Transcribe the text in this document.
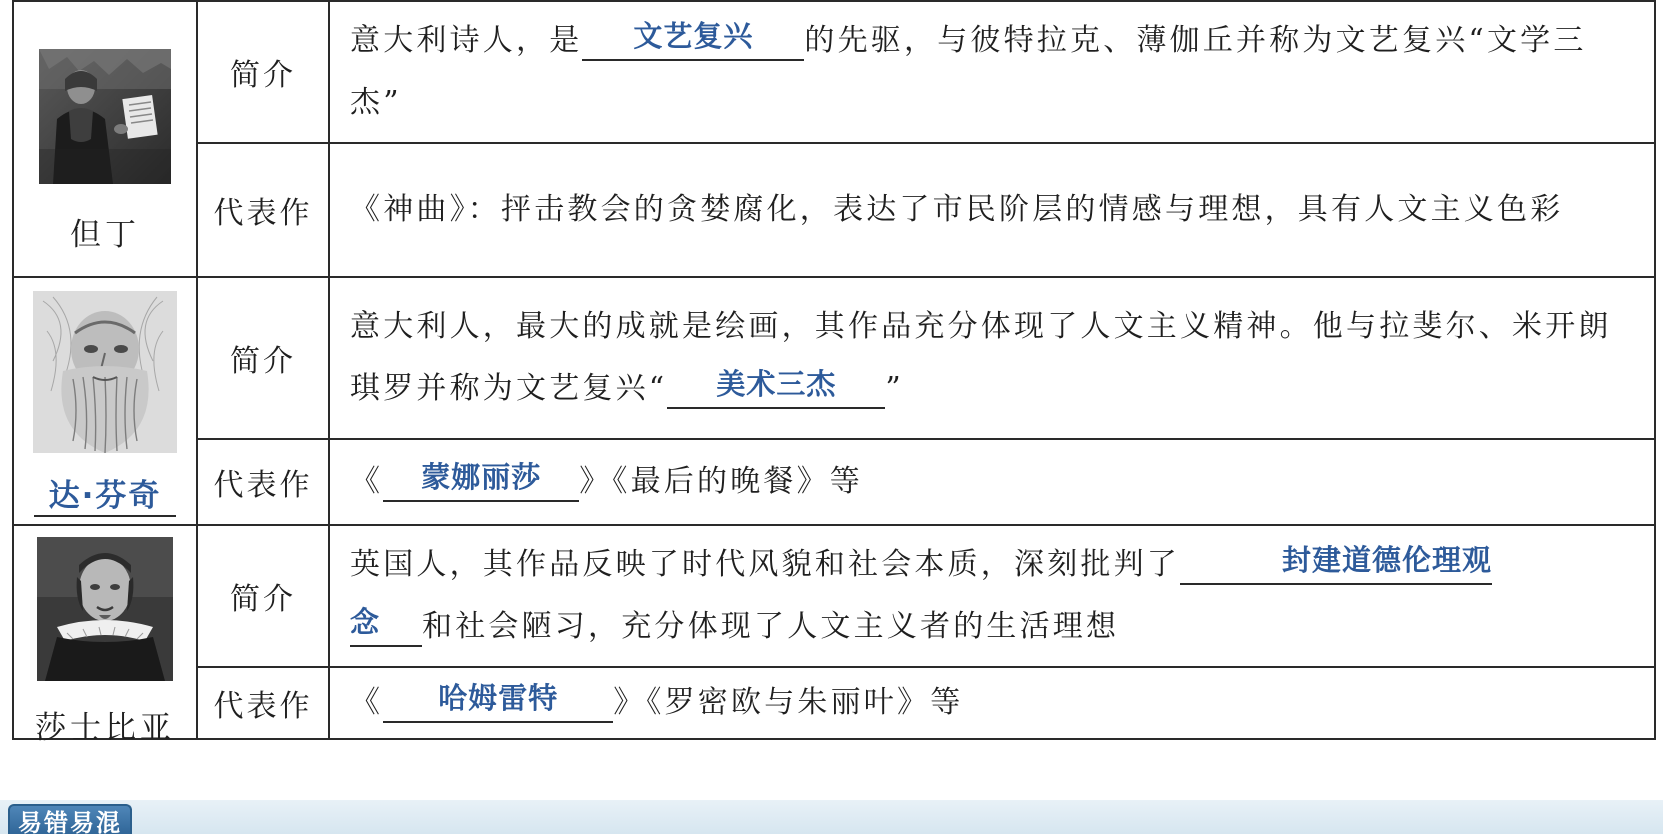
但丁	简介	意大利诗人，是 文艺复兴 的先驱，与彼特拉克、薄伽丘并称为文艺复兴“文学三杰”
	代表作	《神曲》：抨击教会的贪婪腐化，表达了市民阶层的情感与理想，具有人文主义色彩

达·芬奇	简介	意大利人，最大的成就是绘画，其作品充分体现了人文主义精神。他与拉斐尔、米开朗琪罗并称为文艺复兴“ 美术三杰 ”
	代表作	《 蒙娜丽莎 》《最后的晚餐》等

莎士比亚	简介	英国人，其作品反映了时代风貌和社会本质，深刻批判了 封建道德伦理观
念 和社会陋习，充分体现了人文主义者的生活理想
	代表作	《 哈姆雷特 》《罗密欧与朱丽叶》等
易错易混
